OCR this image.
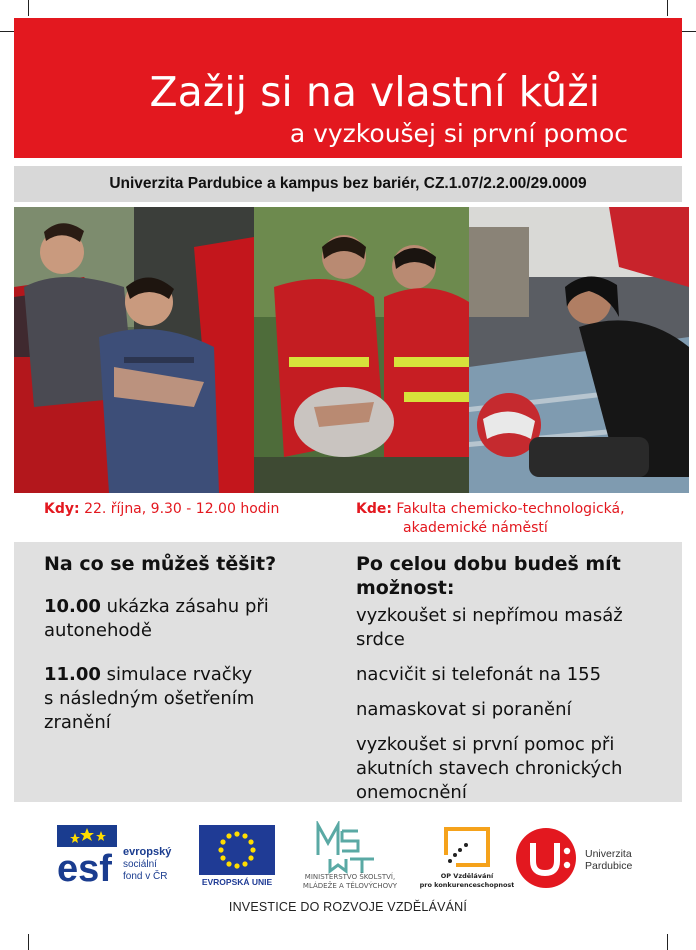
Zažij si na vlastní kůži
a vyzkoušej si první pomoc
Univerzita Pardubice a kampus bez bariér, CZ.1.07/2.2.00/29.0009
Kdy: 22. října, 9.30 - 12.00 hodin	Kde: Fakulta chemicko-technologická,
akademické náměstí
Na co se můžeš těšit?
10.00 ukázka zásahu při
autonehodě
11.00 simulace rvačky
s následným ošetřením
zranění
Po celou dobu budeš mít
možnost:
vyzkoušet si nepřímou masáž
srdce
nacvičit si telefonát na 155
namaskovat si poranění
vyzkoušet si první pomoc při
akutních stavech chronických
onemocnění
esf evropský
sociální
fond v ČR	EVROPSKÁ UNIE	MINISTERSTVO ŠKOLSTVÍ,
MLÁDEŽE A TĚLOVÝCHOVY
OP Vzdělávání
pro konkurenceschopnost
Univerzita
Pardubice
INVESTICE DO ROZVOJE VZDĚLÁVÁNÍ
